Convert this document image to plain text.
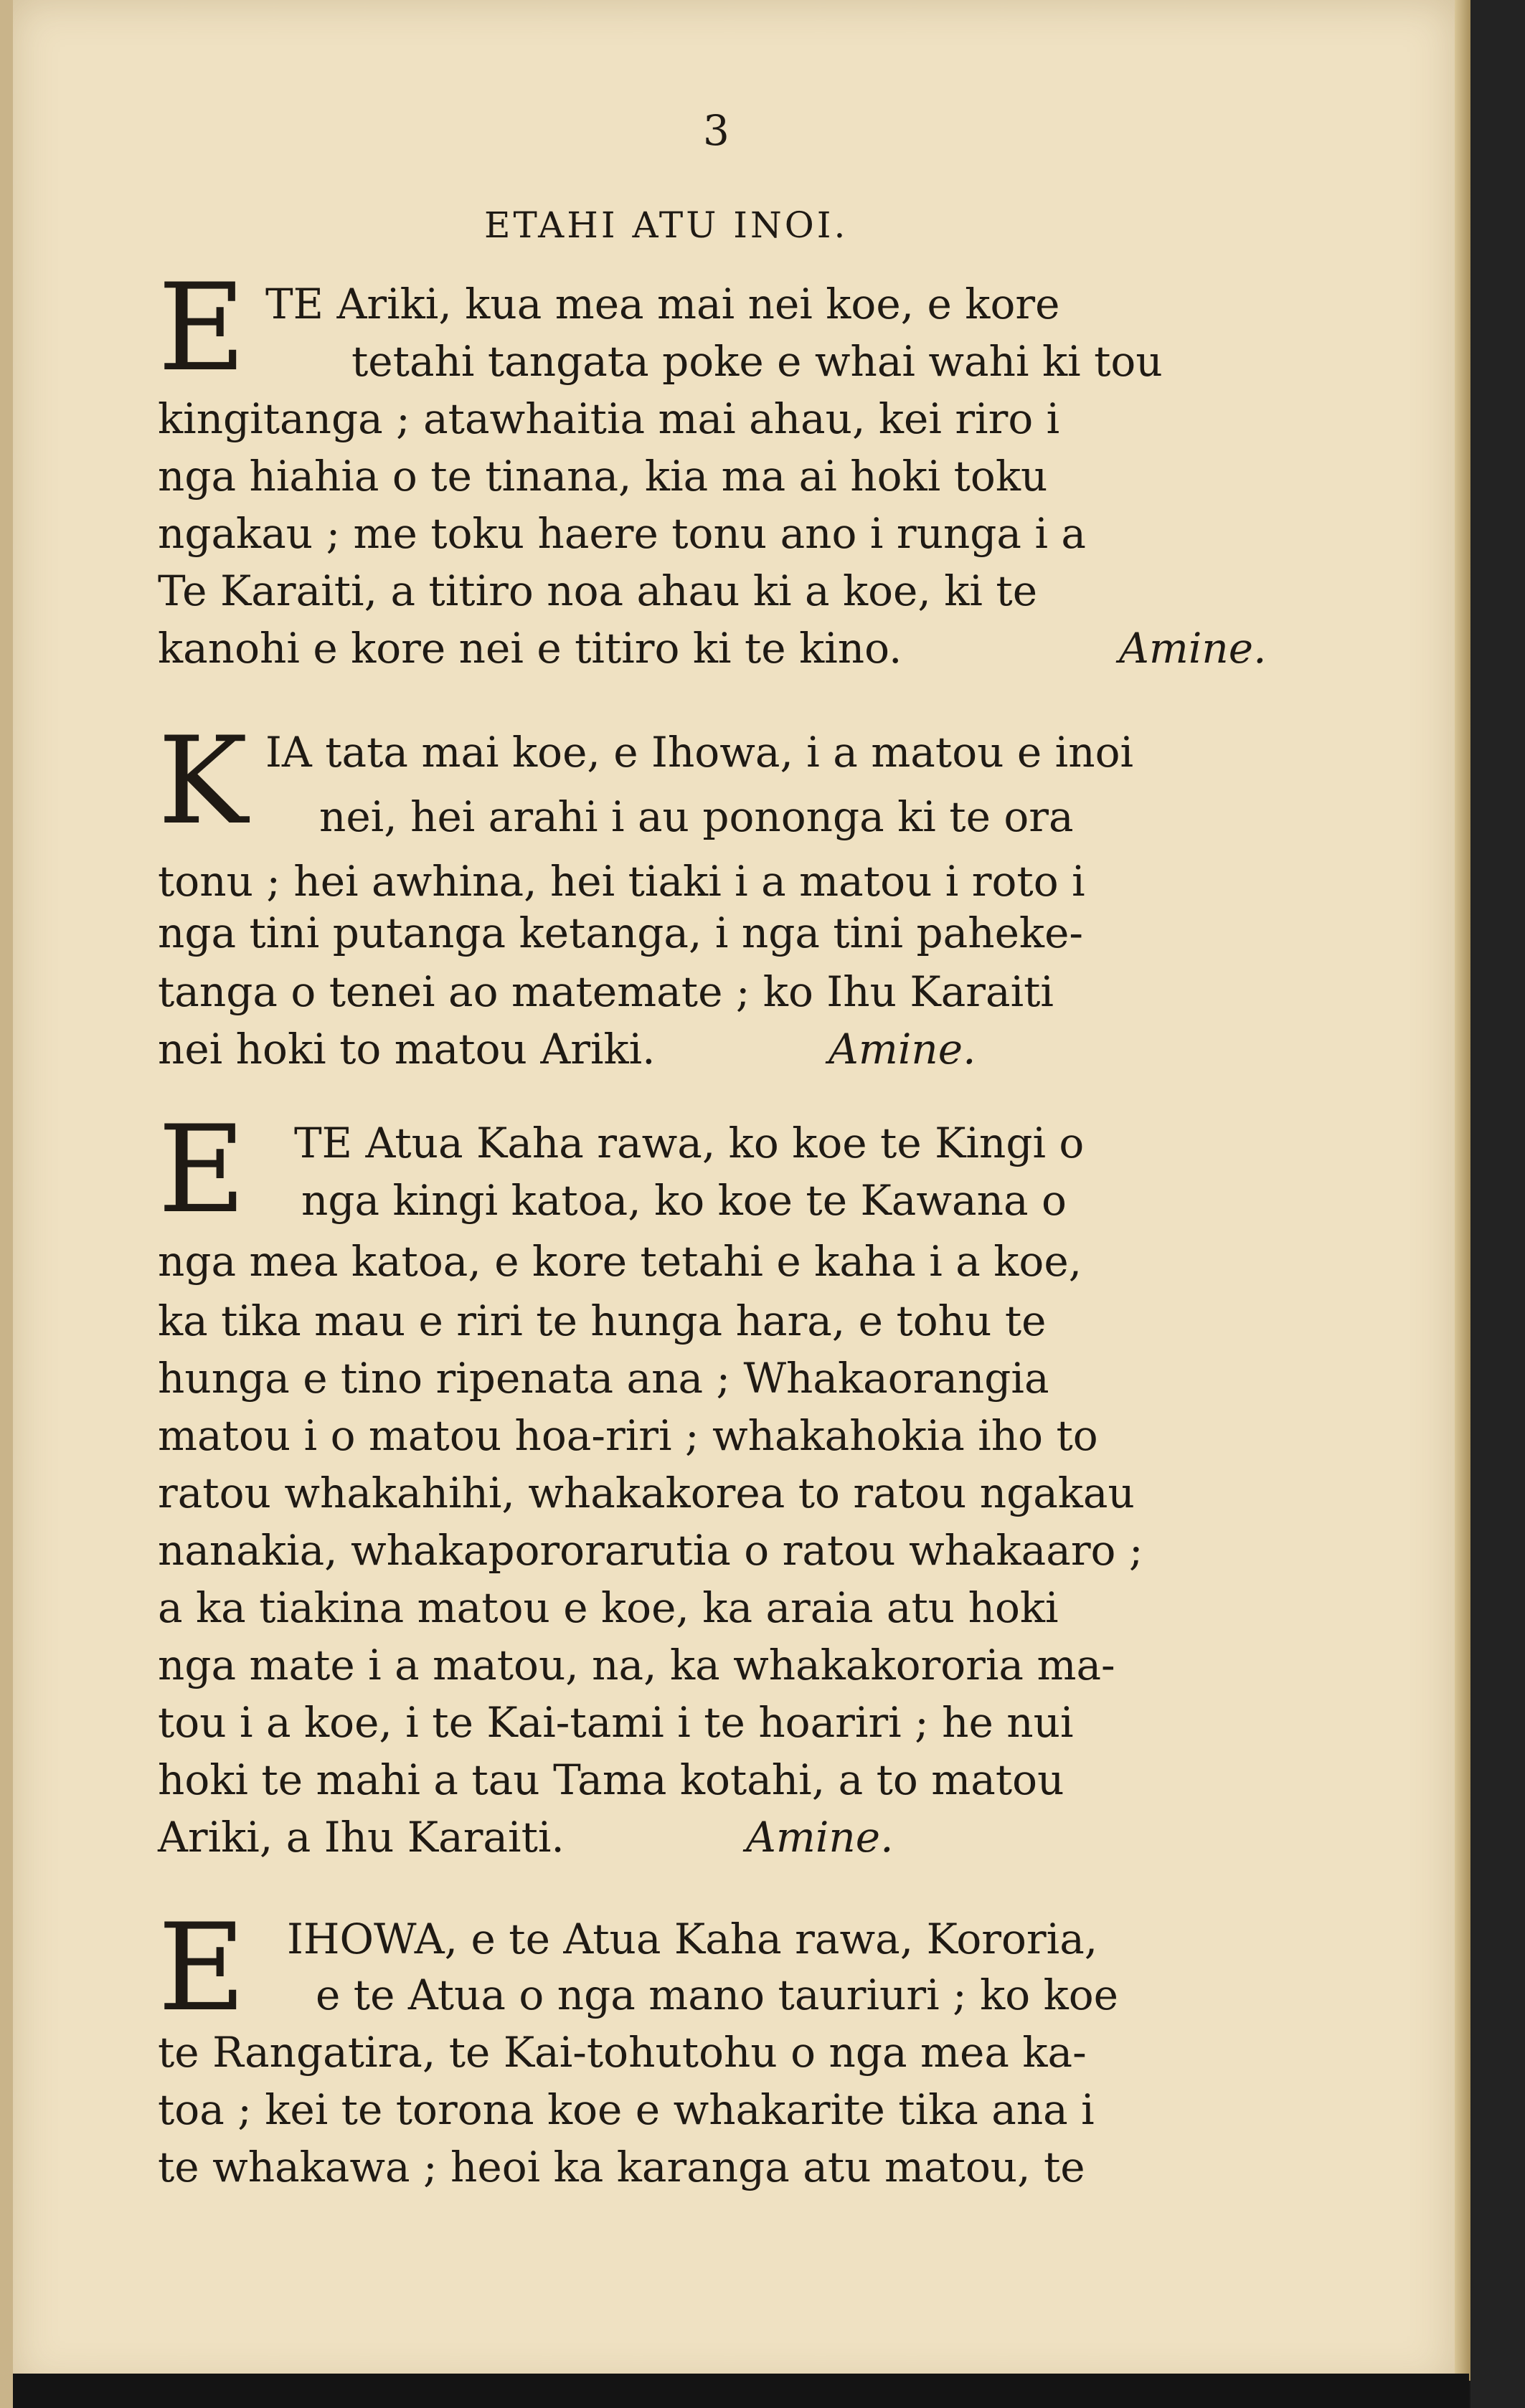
3
ETAHI ATU INOI.
E TE Ariki, kua mea mai nei koe, e kore
tetahi tangata poke e whai wahi ki tou
kingitanga ; atawhaitia mai ahau, kei riro i
nga hiahia o te tinana, kia ma ai hoki toku
ngakau ; me toku haere tonu ano i runga i a
Te Karaiti, a titiro noa ahau ki a koe, ki te
kanohi e kore nei e titiro ki te kino.	Amine.
K IA tata mai koe, e Ihowa, i a matou e inoi
nei, hei arahi i au pononga ki te ora
tonu ; hei awhina, hei tiaki i a matou i roto i
nga tini putanga ketanga, i nga tini paheke-
tanga o tenei ao matemate ; ko Ihu Karaiti
nei hoki to matou Ariki.	Amine.
E TE Atua Kaha rawa, ko koe te Kingi o
nga kingi katoa, ko koe te Kawana o
nga mea katoa, e kore tetahi e kaha i a koe,
ka tika mau e riri te hunga hara, e tohu te
hunga e tino ripenata ana ; Whakaorangia
matou i o matou hoa-riri ; whakahokia iho to
ratou whakahihi, whakakorea to ratou ngakau
nanakia, whakapororarutia o ratou whakaaro ;
a ka tiakina matou e koe, ka araia atu hoki
nga mate i a matou, na, ka whakakororia ma-
tou i a koe, i te Kai-tami i te hoariri ; he nui
hoki te mahi a tau Tama kotahi, a to matou
Ariki, a Ihu Karaiti.	Amine.
E IHOWA, e te Atua Kaha rawa, Kororia,
e te Atua o nga mano tauriuri ; ko koe
te Rangatira, te Kai-tohutohu o nga mea ka-
toa ; kei te torona koe e whakarite tika ana i
te whakawa ; heoi ka karanga atu matou, te
